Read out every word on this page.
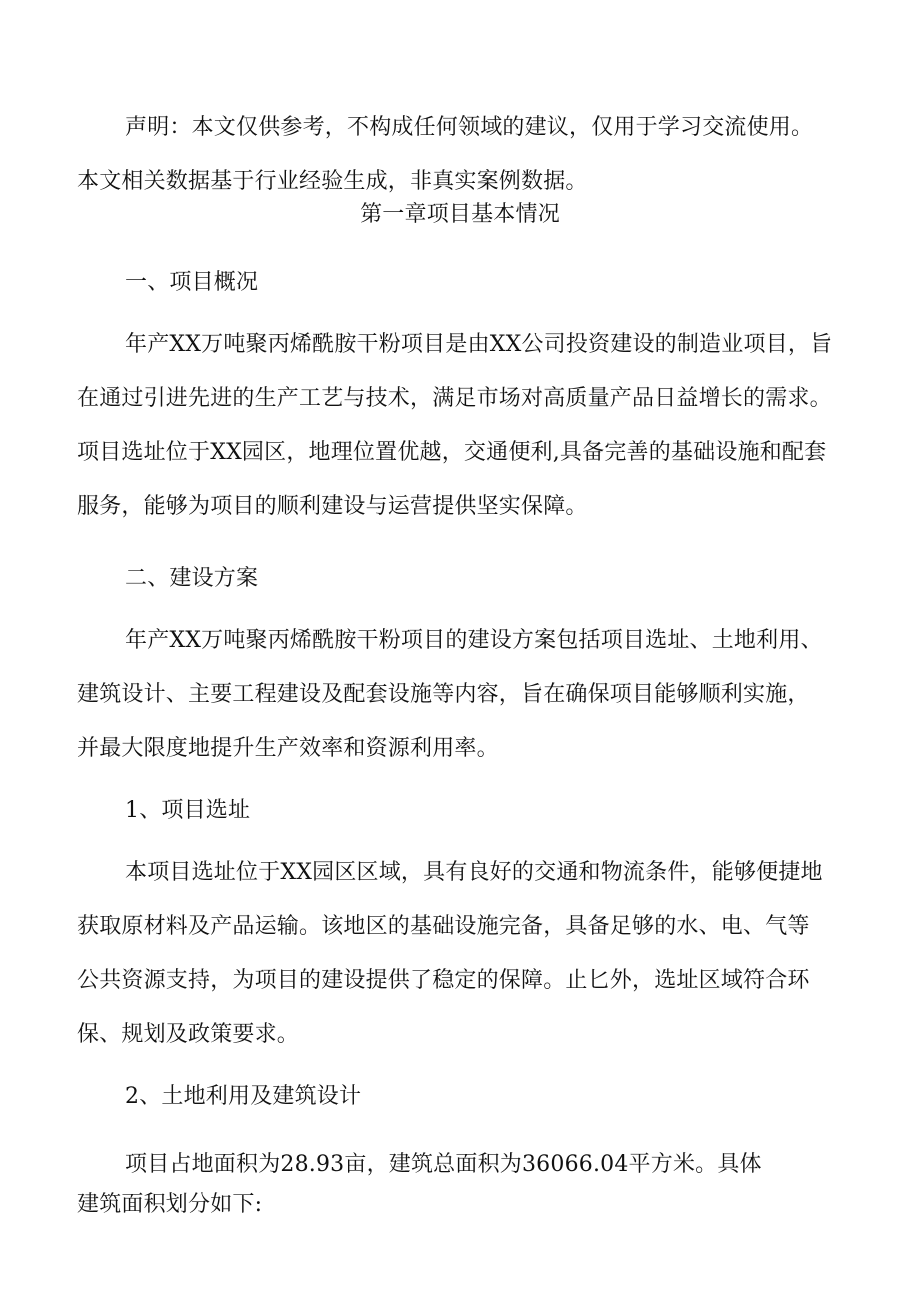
声明：本文仅供参考，不构成任何领域的建议，仅用于学习交流使用。
本文相关数据基于行业经验生成，非真实案例数据。
第一章项目基本情况
一、项目概况
年产XX万吨聚丙烯酰胺干粉项目是由XX公司投资建设的制造业项目，旨
在通过引进先进的生产工艺与技术，满足市场对高质量产品日益增长的需求。
项目选址位于XX园区，地理位置优越，交通便利,具备完善的基础设施和配套
服务，能够为项目的顺利建设与运营提供坚实保障。
二、建设方案
年产XX万吨聚丙烯酰胺干粉项目的建设方案包括项目选址、土地利用、
建筑设计、主要工程建设及配套设施等内容，旨在确保项目能够顺利实施，
并最大限度地提升生产效率和资源利用率。
1、项目选址
本项目选址位于XX园区区域，具有良好的交通和物流条件，能够便捷地
获取原材料及产品运输。该地区的基础设施完备，具备足够的水、电、气等
公共资源支持，为项目的建设提供了稳定的保障。止匕外，选址区域符合环
保、规划及政策要求。
2、土地利用及建筑设计
项目占地面积为28.93亩，建筑总面积为36066.04平方米。具体
建筑面积划分如下:
